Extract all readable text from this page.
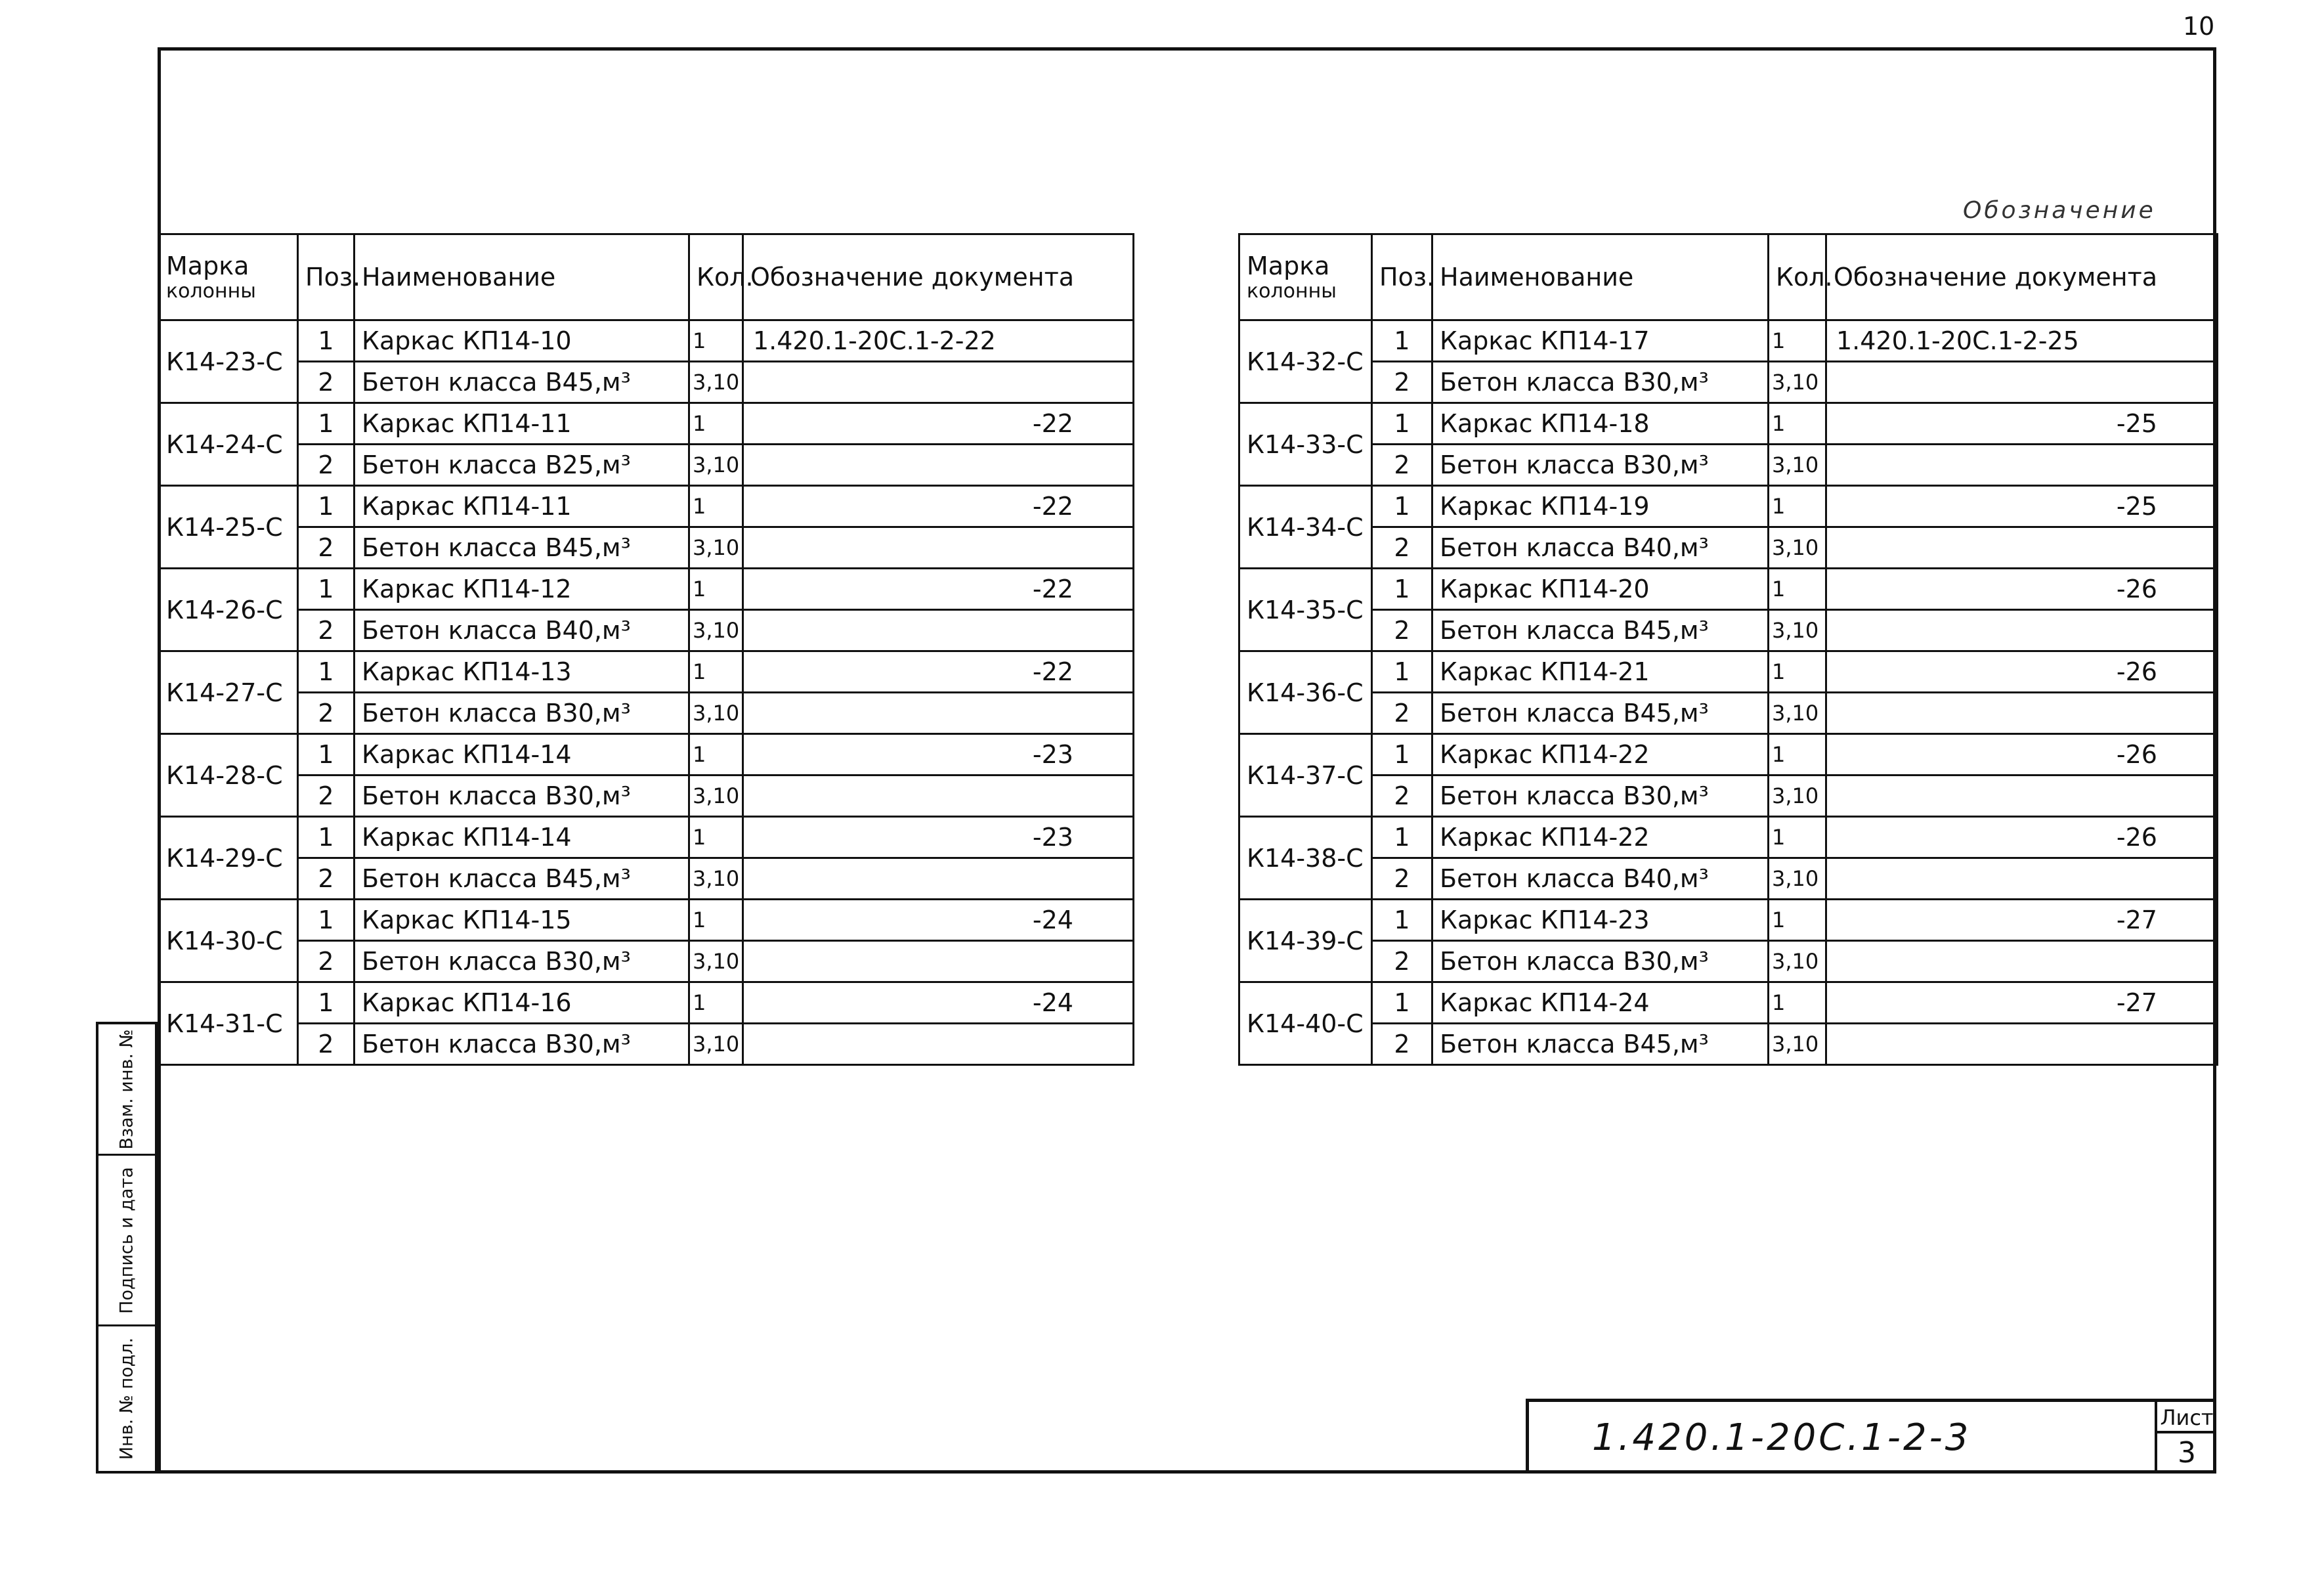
10
Обозначение
Марка
колонны	Поз.	Наименование	Кол.	Обозначение документа
К14-23-С	1	Каркас КП14-10	1	1.420.1-20С.1-2-22
	2	Бетон класса В45,м³	3,10	
К14-24-С	1	Каркас КП14-11	1	-22
	2	Бетон класса В25,м³	3,10	
К14-25-С	1	Каркас КП14-11	1	-22
	2	Бетон класса В45,м³	3,10	
К14-26-С	1	Каркас КП14-12	1	-22
	2	Бетон класса В40,м³	3,10	
К14-27-С	1	Каркас КП14-13	1	-22
	2	Бетон класса В30,м³	3,10	
К14-28-С	1	Каркас КП14-14	1	-23
	2	Бетон класса В30,м³	3,10	
К14-29-С	1	Каркас КП14-14	1	-23
	2	Бетон класса В45,м³	3,10	
К14-30-С	1	Каркас КП14-15	1	-24
	2	Бетон класса В30,м³	3,10	
К14-31-С	1	Каркас КП14-16	1	-24
	2	Бетон класса В30,м³	3,10	
Марка
колонны	Поз.	Наименование	Кол.	Обозначение документа
К14-32-С	1	Каркас КП14-17	1	1.420.1-20С.1-2-25
	2	Бетон класса В30,м³	3,10	
К14-33-С	1	Каркас КП14-18	1	-25
	2	Бетон класса В30,м³	3,10	
К14-34-С	1	Каркас КП14-19	1	-25
	2	Бетон класса В40,м³	3,10	
К14-35-С	1	Каркас КП14-20	1	-26
	2	Бетон класса В45,м³	3,10	
К14-36-С	1	Каркас КП14-21	1	-26
	2	Бетон класса В45,м³	3,10	
К14-37-С	1	Каркас КП14-22	1	-26
	2	Бетон класса В30,м³	3,10	
К14-38-С	1	Каркас КП14-22	1	-26
	2	Бетон класса В40,м³	3,10	
К14-39-С	1	Каркас КП14-23	1	-27
	2	Бетон класса В30,м³	3,10	
К14-40-С	1	Каркас КП14-24	1	-27
	2	Бетон класса В45,м³	3,10	
Взам. инв. №
Подпись и дата
Инв. № подл.	1.420.1-20С.1-2-3	Лист
3
